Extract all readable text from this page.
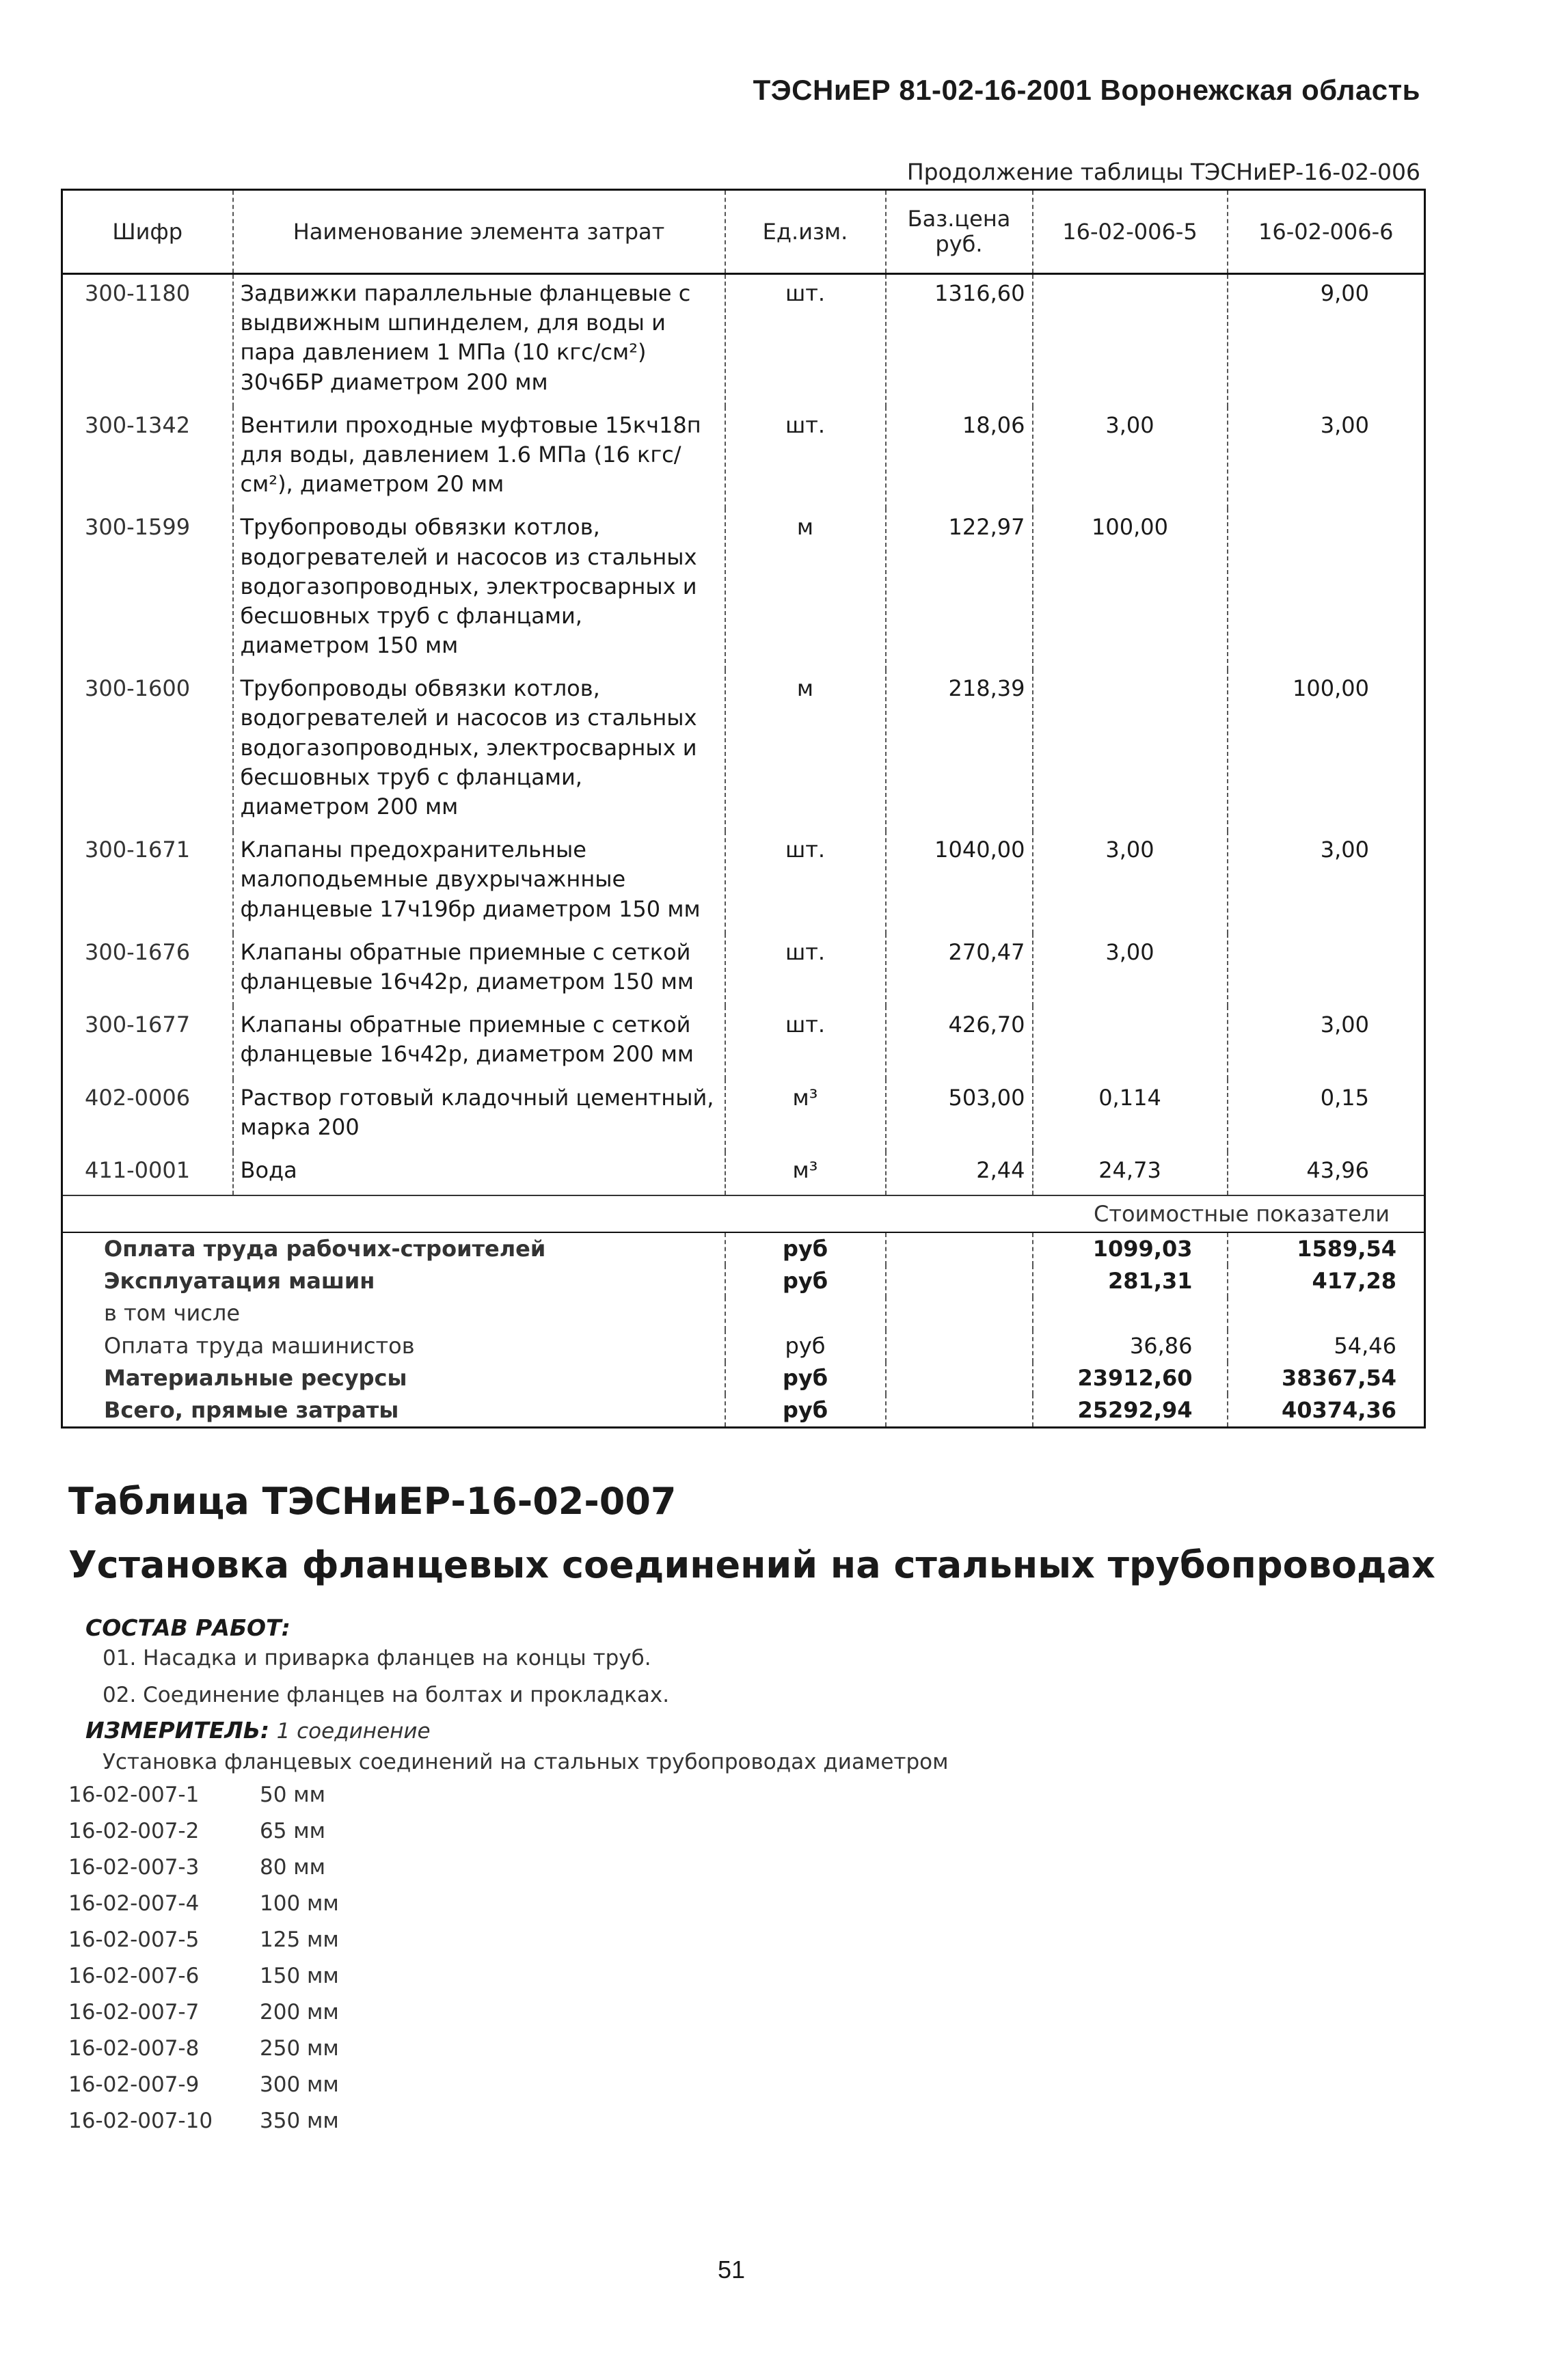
ТЭСНиЕР 81-02-16-2001 Воронежская область
Продолжение таблицы ТЭСНиЕР-16-02-006
Шифр	Наименование элемента затрат	Ед.изм.	Баз.цена руб.	16-02-006-5	16-02-006-6
300-1180	Задвижки параллельные фланцевые с выдвижным шпинделем, для воды и пара давлением 1 МПа (10 кгс/см²) 30ч6БР диаметром 200 мм	шт.	1316,60		9,00
300-1342	Вентили проходные муфтовые 15кч18п для воды, давлением 1.6 МПа (16 кгс/см²), диаметром 20 мм	шт.	18,06	3,00	3,00
300-1599	Трубопроводы обвязки котлов, водогревателей и насосов из стальных водогазопроводных, электросварных и бесшовных труб с фланцами, диаметром 150 мм	м	122,97	100,00	
300-1600	Трубопроводы обвязки котлов, водогревателей и насосов из стальных водогазопроводных, электросварных и бесшовных труб с фланцами, диаметром 200 мм	м	218,39		100,00
300-1671	Клапаны предохранительные малоподьемные двухрычажнные фланцевые 17ч19бр диаметром 150 мм	шт.	1040,00	3,00	3,00
300-1676	Клапаны обратные приемные с сеткой фланцевые 16ч42р, диаметром 150 мм	шт.	270,47	3,00	
300-1677	Клапаны обратные приемные с сеткой фланцевые 16ч42р, диаметром 200 мм	шт.	426,70		3,00
402-0006	Раствор готовый кладочный цементный, марка 200	м³	503,00	0,114	0,15
411-0001	Вода	м³	2,44	24,73	43,96
Стоимостные показатели					

Оплата труда рабочих-строителей		руб		1099,03	1589,54
Эксплуатация машин		руб		281,31	417,28
в том числе					
Оплата труда машинистов		руб		36,86	54,46
Материальные ресурсы		руб		23912,60	38367,54
Всего, прямые затраты		руб		25292,94	40374,36
Таблица ТЭСНиЕР-16-02-007
Установка фланцевых соединений на стальных трубопроводах
СОСТАВ РАБОТ:
01. Насадка и приварка фланцев на концы труб.
02. Соединение фланцев на болтах и прокладках.
ИЗМЕРИТЕЛЬ: 1 соединение
Установка фланцевых соединений на стальных трубопроводах диаметром
16-02-007-1	50 мм
16-02-007-2	65 мм
16-02-007-3	80 мм
16-02-007-4	100 мм
16-02-007-5	125 мм
16-02-007-6	150 мм
16-02-007-7	200 мм
16-02-007-8	250 мм
16-02-007-9	300 мм
16-02-007-10 350 мм
51
